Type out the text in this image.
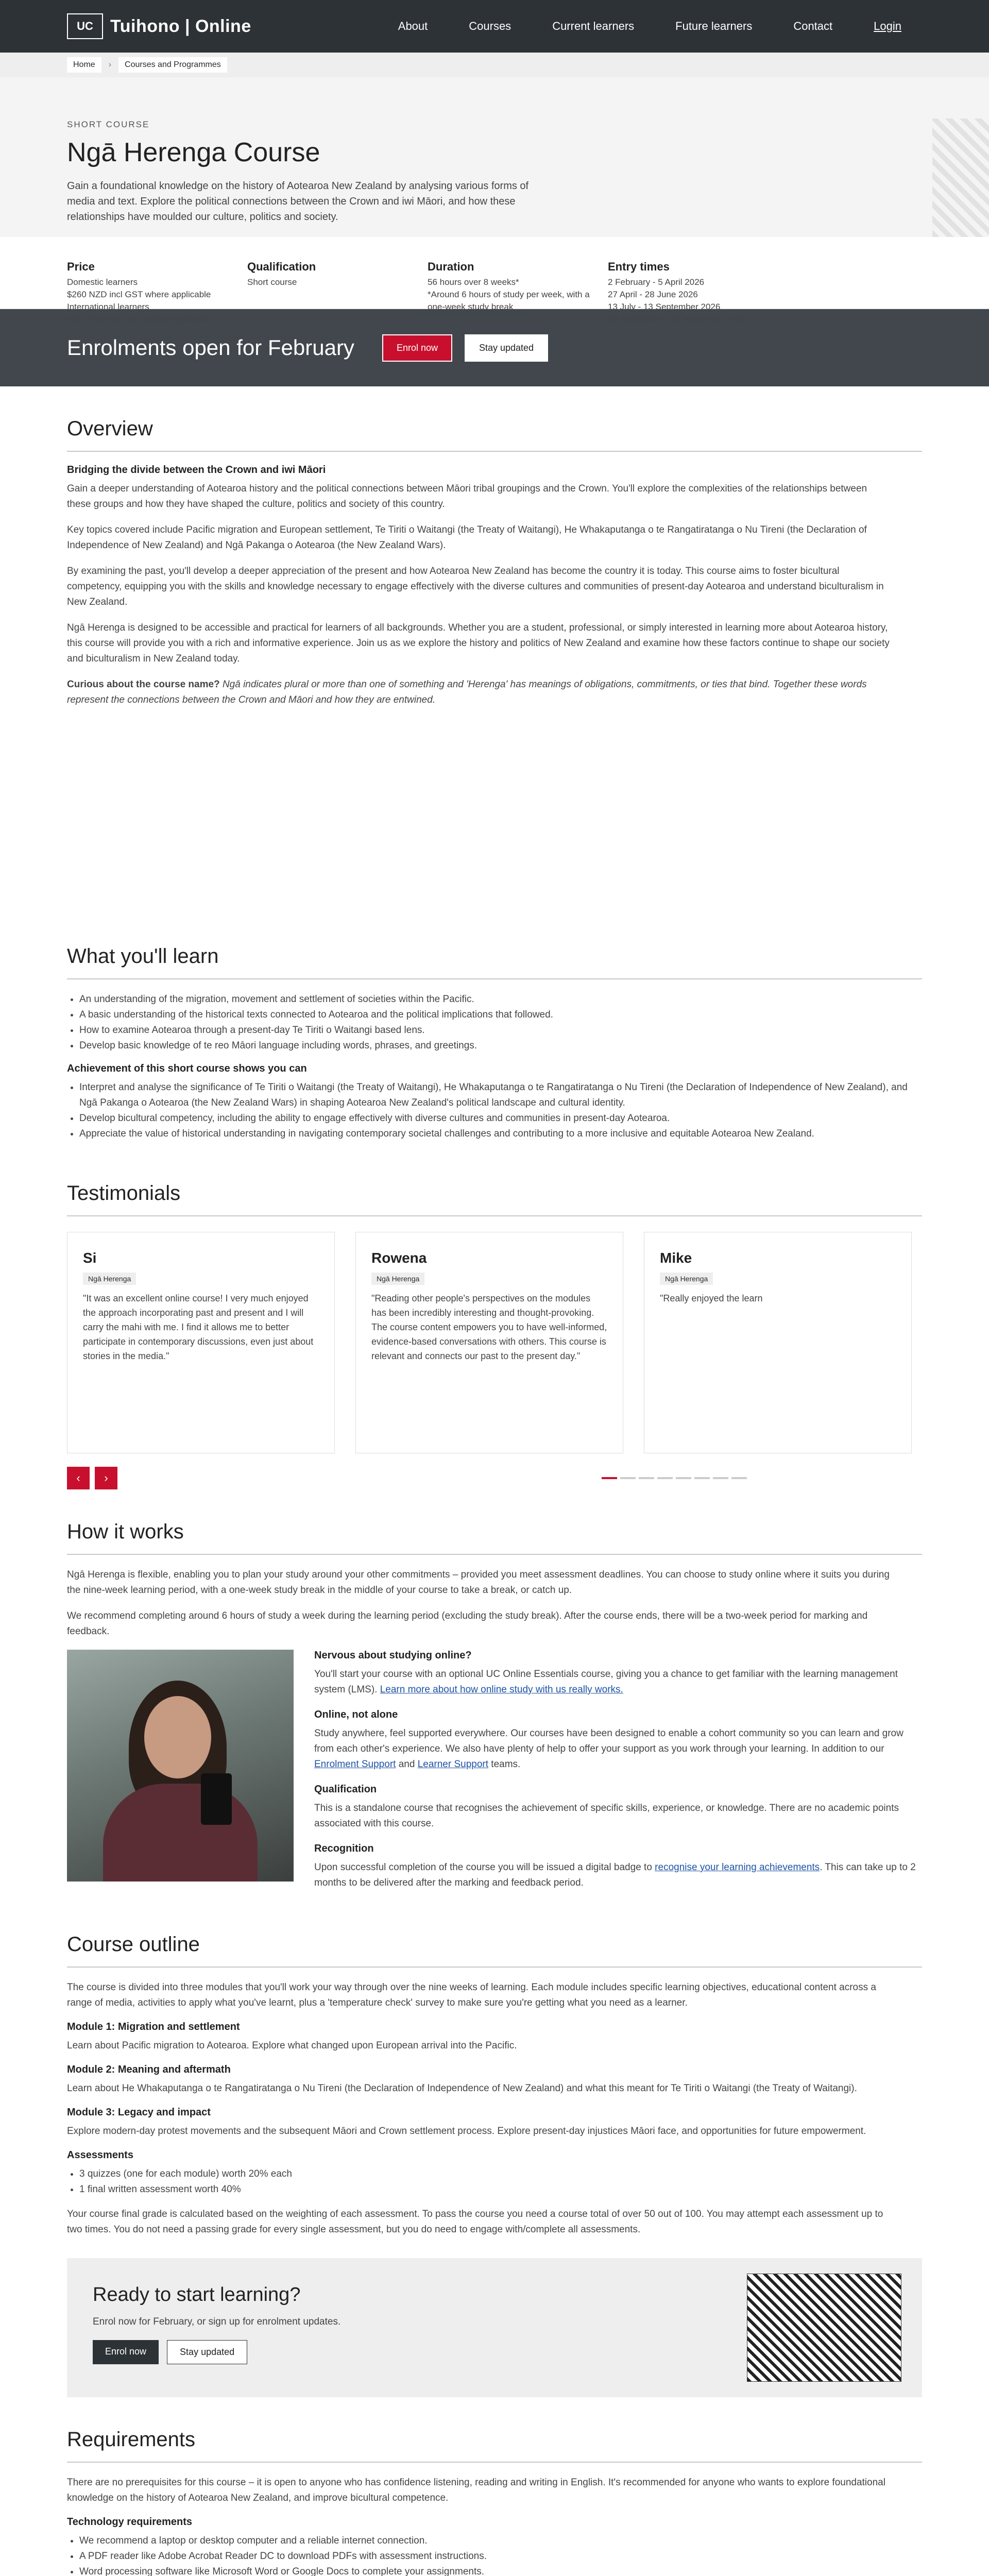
UC Tuihono | Online	About	Courses	Current learners	Future learners	Contact	Login
Home	›	Courses and Programmes
SHORT COURSE
Ngā Herenga Course

Gain a foundational knowledge on the history of Aotearoa New Zealand by analysing various forms of media and text. Explore the political connections between the Crown and iwi Māori, and how these relationships have moulded our culture, politics and society.

Price
Domestic learners
$260 NZD incl GST where applicable
International learners
$627 NZD incl GST where applicable
Qualification
Short course
Duration
56 hours over 8 weeks*
*Around 6 hours of study per week, with a one-week study break
Entry times
2 February - 5 April 2026
27 April - 28 June 2026
13 July - 13 September 2026
28 September - 29 November 2026
Enrolments open for February	Enrol now	Stay updated
Overview
Bridging the divide between the Crown and iwi Māori

Gain a deeper understanding of Aotearoa history and the political connections between Māori tribal groupings and the Crown. You'll explore the complexities of the relationships between these groups and how they have shaped the culture, politics and society of this country.

Key topics covered include Pacific migration and European settlement, Te Tiriti o Waitangi (the Treaty of Waitangi), He Whakaputanga o te Rangatiratanga o Nu Tireni (the Declaration of Independence of New Zealand) and Ngā Pakanga o Aotearoa (the New Zealand Wars).

By examining the past, you'll develop a deeper appreciation of the present and how Aotearoa New Zealand has become the country it is today. This course aims to foster bicultural competency, equipping you with the skills and knowledge necessary to engage effectively with the diverse cultures and communities of present-day Aotearoa and understand biculturalism in New Zealand.

Ngā Herenga is designed to be accessible and practical for learners of all backgrounds. Whether you are a student, professional, or simply interested in learning more about Aotearoa history, this course will provide you with a rich and informative experience. Join us as we explore the history and politics of New Zealand and examine how these factors continue to shape our society and biculturalism in New Zealand today.

Curious about the course name? Ngā indicates plural or more than one of something and 'Herenga' has meanings of obligations, commitments, or ties that bind. Together these words represent the connections between the Crown and Māori and how they are entwined.

What you'll learn
• An understanding of the migration, movement and settlement of societies within the Pacific.
• A basic understanding of the historical texts connected to Aotearoa and the political implications that followed.
• How to examine Aotearoa through a present-day Te Tiriti o Waitangi based lens.
• Develop basic knowledge of te reo Māori language including words, phrases, and greetings.
Achievement of this short course shows you can
• Interpret and analyse the significance of Te Tiriti o Waitangi (the Treaty of Waitangi), He Whakaputanga o te Rangatiratanga o Nu Tireni (the Declaration of Independence of New Zealand), and Ngā Pakanga o Aotearoa (the New Zealand Wars) in shaping Aotearoa New Zealand's political landscape and cultural identity.
• Develop bicultural competency, including the ability to engage effectively with diverse cultures and communities in present-day Aotearoa.
• Appreciate the value of historical understanding in navigating contemporary societal challenges and contributing to a more inclusive and equitable Aotearoa New Zealand.
Testimonials
Si
Ngā Herenga

"It was an excellent online course! I very much enjoyed the approach incorporating past and present and I will carry the mahi with me. I find it allows me to better participate in contemporary discussions, even just about stories in the media."

Rowena
Ngā Herenga

"Reading other people's perspectives on the modules has been incredibly interesting and thought-provoking. The course content empowers you to have well-informed, evidence-based conversations with others. This course is relevant and connects our past to the present day."

Mike
Ngā Herenga

"Really enjoyed the learn

‹	›
How it works

Ngā Herenga is flexible, enabling you to plan your study around your other commitments – provided you meet assessment deadlines. You can choose to study online where it suits you during the nine-week learning period, with a one-week study break in the middle of your course to take a break, or catch up.

We recommend completing around 6 hours of study a week during the learning period (excluding the study break). After the course ends, there will be a two-week period for marking and feedback.

Nervous about studying online?

You'll start your course with an optional UC Online Essentials course, giving you a chance to get familiar with the learning management system (LMS). Learn more about how online study with us really works.

Online, not alone

Study anywhere, feel supported everywhere. Our courses have been designed to enable a cohort community so you can learn and grow from each other's experience. We also have plenty of help to offer your support as you work through your learning. In addition to our Enrolment Support and Learner Support teams.

Qualification

This is a standalone course that recognises the achievement of specific skills, experience, or knowledge. There are no academic points associated with this course.

Recognition

Upon successful completion of the course you will be issued a digital badge to recognise your learning achievements. This can take up to 2 months to be delivered after the marking and feedback period.

Course outline

The course is divided into three modules that you'll work your way through over the nine weeks of learning. Each module includes specific learning objectives, educational content across a range of media, activities to apply what you've learnt, plus a 'temperature check' survey to make sure you're getting what you need as a learner.

Module 1: Migration and settlement

Learn about Pacific migration to Aotearoa. Explore what changed upon European arrival into the Pacific.

Module 2: Meaning and aftermath

Learn about He Whakaputanga o te Rangatiratanga o Nu Tireni (the Declaration of Independence of New Zealand) and what this meant for Te Tiriti o Waitangi (the Treaty of Waitangi).

Module 3: Legacy and impact

Explore modern-day protest movements and the subsequent Māori and Crown settlement process. Explore present-day injustices Māori face, and opportunities for future empowerment.

Assessments
• 3 quizzes (one for each module) worth 20% each
• 1 final written assessment worth 40%

Your course final grade is calculated based on the weighting of each assessment. To pass the course you need a course total of over 50 out of 100. You may attempt each assessment up to two times. You do not need a passing grade for every single assessment, but you do need to engage with/complete all assessments.

Ready to start learning?

Enrol now for February, or sign up for enrolment updates.

Enrol now	Stay updated
Requirements

There are no prerequisites for this course – it is open to anyone who has confidence listening, reading and writing in English. It's recommended for anyone who wants to explore foundational knowledge on the history of Aotearoa New Zealand, and improve bicultural competence.

Technology requirements
• We recommend a laptop or desktop computer and a reliable internet connection.
• A PDF reader like Adobe Acrobat Reader DC to download PDFs with assessment instructions.
• Word processing software like Microsoft Word or Google Docs to complete your assignments.
